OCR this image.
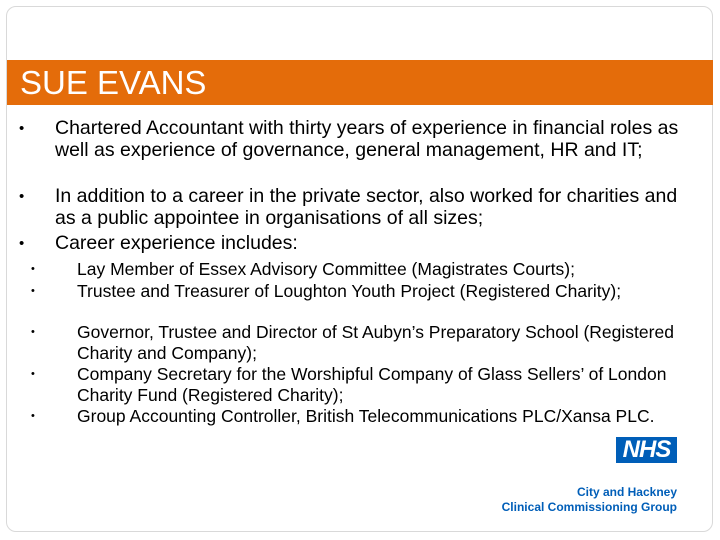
SUE EVANS
• Chartered Accountant with thirty years of experience in financial roles as well as experience of governance, general management, HR and IT;
• In addition to a career in the private sector, also worked for charities and as a public appointee in organisations of all sizes;
• Career experience includes:
• Lay Member of Essex Advisory Committee (Magistrates Courts);
• Trustee and Treasurer of Loughton Youth Project (Registered Charity);
• Governor, Trustee and Director of St Aubyn’s Preparatory School (Registered Charity and Company);
• Company Secretary for the Worshipful Company of Glass Sellers’ of London Charity Fund (Registered Charity);
• Group Accounting Controller, British Telecommunications PLC/Xansa PLC.
NHS
City and Hackney
Clinical Commissioning Group
